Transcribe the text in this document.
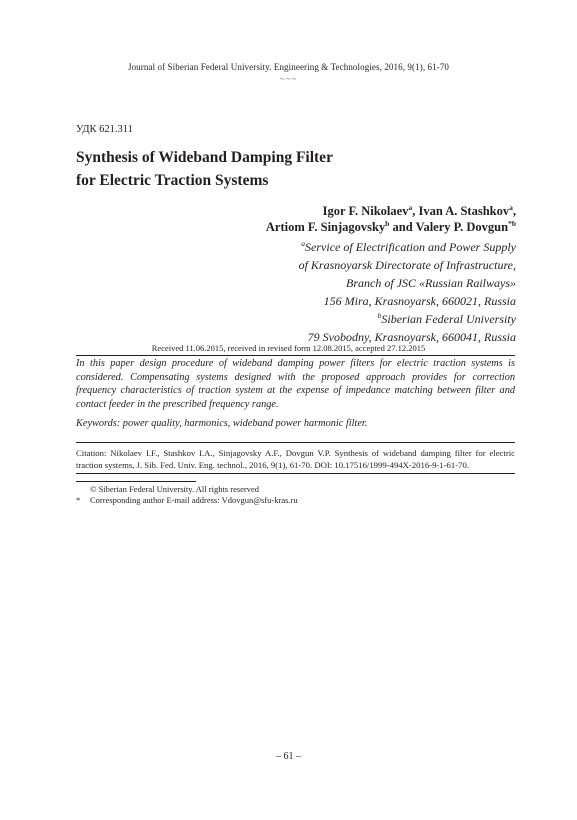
Journal of Siberian Federal University. Engineering & Technologies, 2016, 9(1), 61-70
~~~
УДК 621.311
Synthesis of Wideband Damping Filter
for Electric Traction Systems
Igor F. Nikolaev$^a$, Ivan A. Stashkov$^a$,
Artiom F. Sinjagovsky$^b$ and Valery P. Dovgun$^{*b}$
$^a$Service of Electrification and Power Supply
of Krasnoyarsk Directorate of Infrastructure,
Branch of JSC «Russian Railways»
156 Mira, Krasnoyarsk, 660021, Russia
$^b$Siberian Federal University
79 Svobodny, Krasnoyarsk, 660041, Russia
Received 11.06.2015, received in revised form 12.08.2015, accepted 27.12.2015
In this paper design procedure of wideband damping power filters for electric traction systems is considered. Compensating systems designed with the proposed approach provides for correction frequency characteristics of traction system at the expense of impedance matching between filter and contact feeder in the prescribed frequency range.
Keywords: power quality, harmonics, wideband power harmonic filter.
Citation: Nikolaev I.F., Stashkov I.A., Sinjagovsky A.F., Dovgun V.P. Synthesis of wideband damping filter for electric traction systems, J. Sib. Fed. Univ. Eng. technol., 2016, 9(1), 61-70. DOI: 10.17516/1999-494X-2016-9-1-61-70.
© Siberian Federal University. All rights reserved
*	Corresponding author E-mail address: Vdovgun@sfu-kras.ru
– 61 –
